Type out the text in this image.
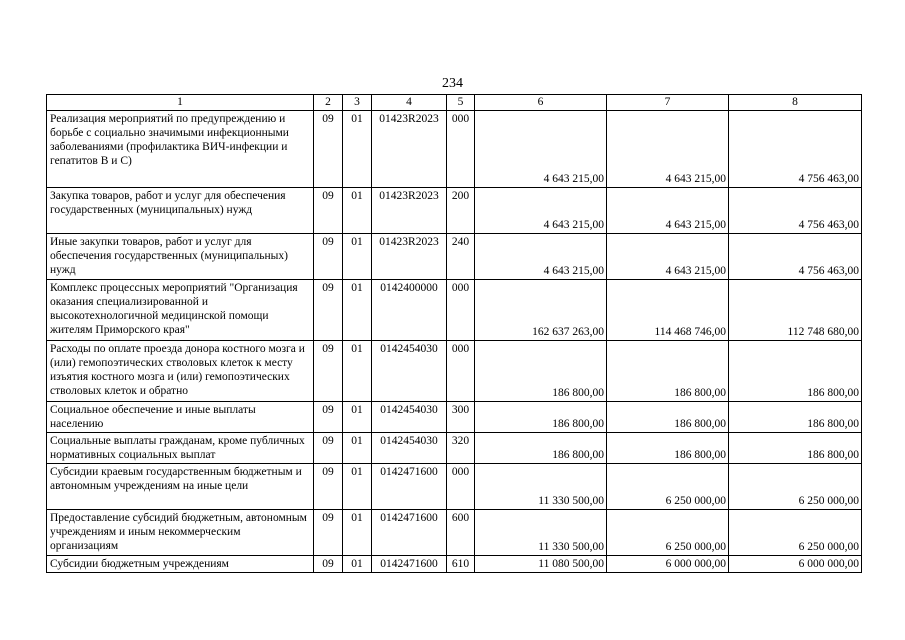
234
1	2	3	4	5	6	7	8
Реализация мероприятий по предупреждению и борьбе с социально значимыми инфекционными заболеваниями (профилактика ВИЧ-инфекции и гепатитов В и С)	09	01	01423R2023	000	4 643 215,00	4 643 215,00	4 756 463,00
Закупка товаров, работ и услуг для обеспечения государственных (муниципальных) нужд	09	01	01423R2023	200	4 643 215,00	4 643 215,00	4 756 463,00
Иные закупки товаров, работ и услуг для обеспечения государственных (муниципальных) нужд	09	01	01423R2023	240	4 643 215,00	4 643 215,00	4 756 463,00
Комплекс процессных мероприятий "Организация оказания специализированной и высокотехнологичной медицинской помощи жителям Приморского края"	09	01	0142400000	000	162 637 263,00	114 468 746,00	112 748 680,00
Расходы по оплате проезда донора костного мозга и (или) гемопоэтических стволовых клеток к месту изъятия костного мозга и (или) гемопоэтических стволовых клеток и обратно	09	01	0142454030	000	186 800,00	186 800,00	186 800,00
Социальное обеспечение и иные выплаты населению	09	01	0142454030	300	186 800,00	186 800,00	186 800,00
Социальные выплаты гражданам, кроме публичных нормативных социальных выплат	09	01	0142454030	320	186 800,00	186 800,00	186 800,00
Субсидии краевым государственным бюджетным и автономным учреждениям на иные цели	09	01	0142471600	000	11 330 500,00	6 250 000,00	6 250 000,00
Предоставление субсидий бюджетным, автономным учреждениям и иным некоммерческим организациям	09	01	0142471600	600	11 330 500,00	6 250 000,00	6 250 000,00
Субсидии бюджетным учреждениям	09	01	0142471600	610	11 080 500,00	6 000 000,00	6 000 000,00
